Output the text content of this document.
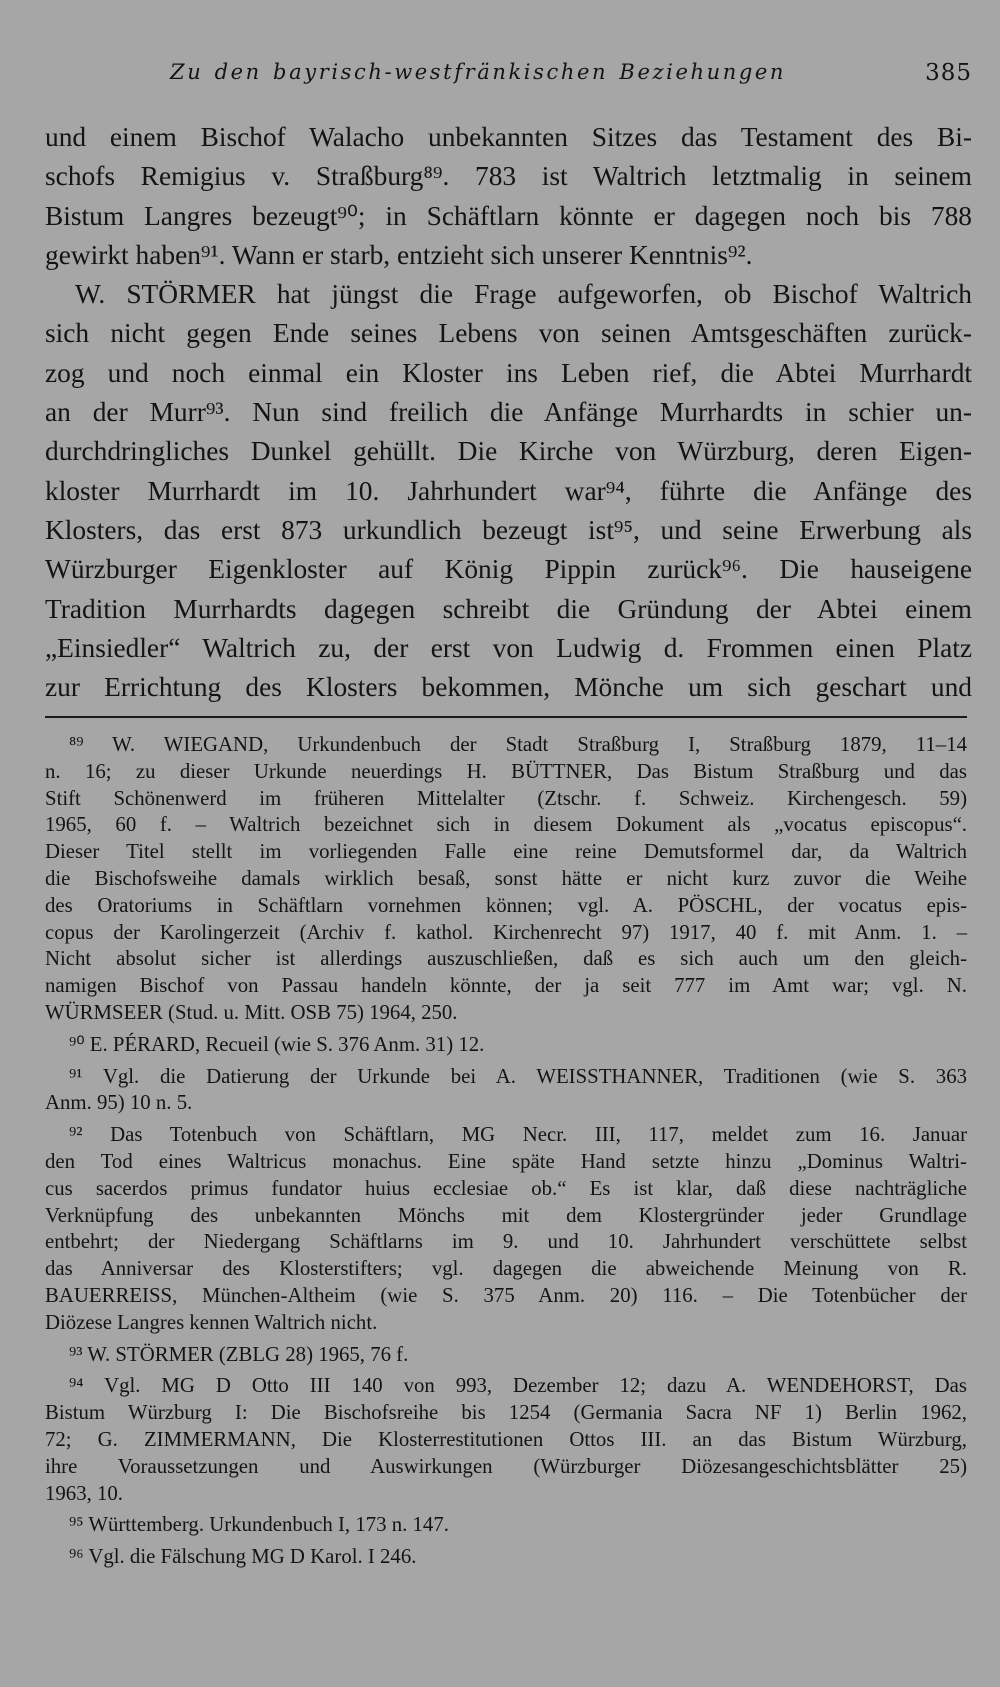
Zu den bayrisch-westfränkischen Beziehungen	385
und einem Bischof Walacho unbekannten Sitzes das Testament des Bi-
schofs Remigius v. Straßburg⁸⁹. 783 ist Waltrich letztmalig in seinem
Bistum Langres bezeugt⁹⁰; in Schäftlarn könnte er dagegen noch bis 788
gewirkt haben⁹¹. Wann er starb, entzieht sich unserer Kenntnis⁹².
W. STÖRMER hat jüngst die Frage aufgeworfen, ob Bischof Waltrich
sich nicht gegen Ende seines Lebens von seinen Amtsgeschäften zurück-
zog und noch einmal ein Kloster ins Leben rief, die Abtei Murrhardt
an der Murr⁹³. Nun sind freilich die Anfänge Murrhardts in schier un-
durchdringliches Dunkel gehüllt. Die Kirche von Würzburg, deren Eigen-
kloster Murrhardt im 10. Jahrhundert war⁹⁴, führte die Anfänge des
Klosters, das erst 873 urkundlich bezeugt ist⁹⁵, und seine Erwerbung als
Würzburger Eigenkloster auf König Pippin zurück⁹⁶. Die hauseigene
Tradition Murrhardts dagegen schreibt die Gründung der Abtei einem
„Einsiedler“ Waltrich zu, der erst von Ludwig d. Frommen einen Platz
zur Errichtung des Klosters bekommen, Mönche um sich geschart und
⁸⁹ W. WIEGAND, Urkundenbuch der Stadt Straßburg I, Straßburg 1879, 11–14
n. 16; zu dieser Urkunde neuerdings H. BÜTTNER, Das Bistum Straßburg und das
Stift Schönenwerd im früheren Mittelalter (Ztschr. f. Schweiz. Kirchengesch. 59)
1965, 60 f. – Waltrich bezeichnet sich in diesem Dokument als „vocatus episcopus“.
Dieser Titel stellt im vorliegenden Falle eine reine Demutsformel dar, da Waltrich
die Bischofsweihe damals wirklich besaß, sonst hätte er nicht kurz zuvor die Weihe
des Oratoriums in Schäftlarn vornehmen können; vgl. A. PÖSCHL, der vocatus epis-
copus der Karolingerzeit (Archiv f. kathol. Kirchenrecht 97) 1917, 40 f. mit Anm. 1. –
Nicht absolut sicher ist allerdings auszuschließen, daß es sich auch um den gleich-
namigen Bischof von Passau handeln könnte, der ja seit 777 im Amt war; vgl. N.
WÜRMSEER (Stud. u. Mitt. OSB 75) 1964, 250.
⁹⁰ E. PÉRARD, Recueil (wie S. 376 Anm. 31) 12.
⁹¹ Vgl. die Datierung der Urkunde bei A. WEISSTHANNER, Traditionen (wie S. 363
Anm. 95) 10 n. 5.
⁹² Das Totenbuch von Schäftlarn, MG Necr. III, 117, meldet zum 16. Januar
den Tod eines Waltricus monachus. Eine späte Hand setzte hinzu „Dominus Waltri-
cus sacerdos primus fundator huius ecclesiae ob.“ Es ist klar, daß diese nachträgliche
Verknüpfung des unbekannten Mönchs mit dem Klostergründer jeder Grundlage
entbehrt; der Niedergang Schäftlarns im 9. und 10. Jahrhundert verschüttete selbst
das Anniversar des Klosterstifters; vgl. dagegen die abweichende Meinung von R.
BAUERREISS, München-Altheim (wie S. 375 Anm. 20) 116. – Die Totenbücher der
Diözese Langres kennen Waltrich nicht.
⁹³ W. STÖRMER (ZBLG 28) 1965, 76 f.
⁹⁴ Vgl. MG D Otto III 140 von 993, Dezember 12; dazu A. WENDEHORST, Das
Bistum Würzburg I: Die Bischofsreihe bis 1254 (Germania Sacra NF 1) Berlin 1962,
72; G. ZIMMERMANN, Die Klosterrestitutionen Ottos III. an das Bistum Würzburg,
ihre Voraussetzungen und Auswirkungen (Würzburger Diözesangeschichtsblätter 25)
1963, 10.
⁹⁵ Württemberg. Urkundenbuch I, 173 n. 147.
⁹⁶ Vgl. die Fälschung MG D Karol. I 246.
